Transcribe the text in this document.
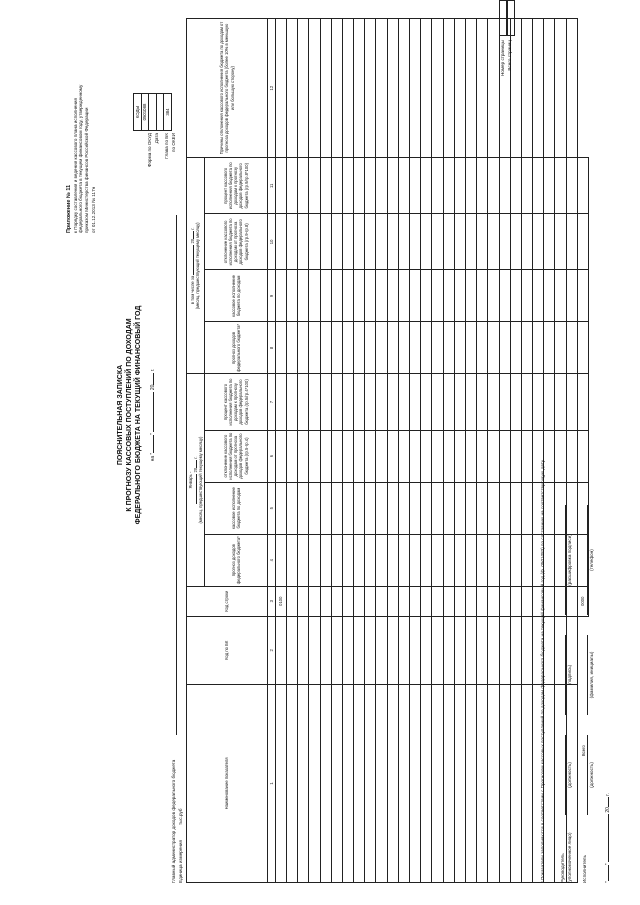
Приложение № 11 к Порядку составления и ведения кассового плана исполнения федерального бюджета в текущем финансовом году, утвержденному приказом Министерства финансов Российской Федерации от 01.12.2013 № 117н
ПОЯСНИТЕЛЬНАЯ ЗАПИСКА К ПРОГНОЗУ КАССОВЫХ ПОСТУПЛЕНИЙ ПО ДОХОДАМ ФЕДЕРАЛЬНОГО БЮДЖЕТА НА ТЕКУЩИЙ ФИНАНСОВЫЙ ГОД	на ""  20 г.
Форма по ОКУД Дата Глава по БК по ОКЕИ
КОДЫ
0501088

384
Главный администратор доходов федерального бюджета Единица измерения
тыс.руб
Наименование показателя	Код по БК	Код строки	Январь -
20 г.
(месяц, предшествующий текущему месяцу)				в том числе за  20 г.
(месяц, предшествующий текущему месяцу)				Причины отклонения кассового исполнения бюджета по доходам от прогноза доходов федерального бюджета (более 10% в меньшую или большую сторону)
			прогноз доходов федерального бюджета*	кассовое исполнение бюджета по доходам	отклонение кассового исполнения бюджета по доходам от прогноза доходов федерального бюджета (гр.5-гр.4)	процент кассового исполнения бюджета по доходам к прогнозу доходов федерального бюджета (гр.5/гр.4*100)	прогноз доходов федерального бюджета*	кассовое исполнение бюджета по доходам	отклонение кассового исполнения бюджета по доходам от прогноза доходов федерального бюджета (гр.9-гр.8)	процент кассового исполнения бюджета по доходам к прогнозу доходов федерального бюджета (гр.9/гр.8*100)	
1	2	3	4	5	6	7	8	9	10	11	12
		0100									

Всего		0000									
Номер страницы Всего страниц
* Показатели заполняются в соответствии с Прогнозом кассовых поступлений по доходам федерального бюджета на текущий финансовый год (ф. 0501083) по состоянию на соответствующую дату.	Руководитель (уполномоченное лицо)
(должность)
(подпись)
(расшифровка подписи)
Исполнитель
(должность)
(фамилия, инициалы)
(телефон)
""  20 г.
